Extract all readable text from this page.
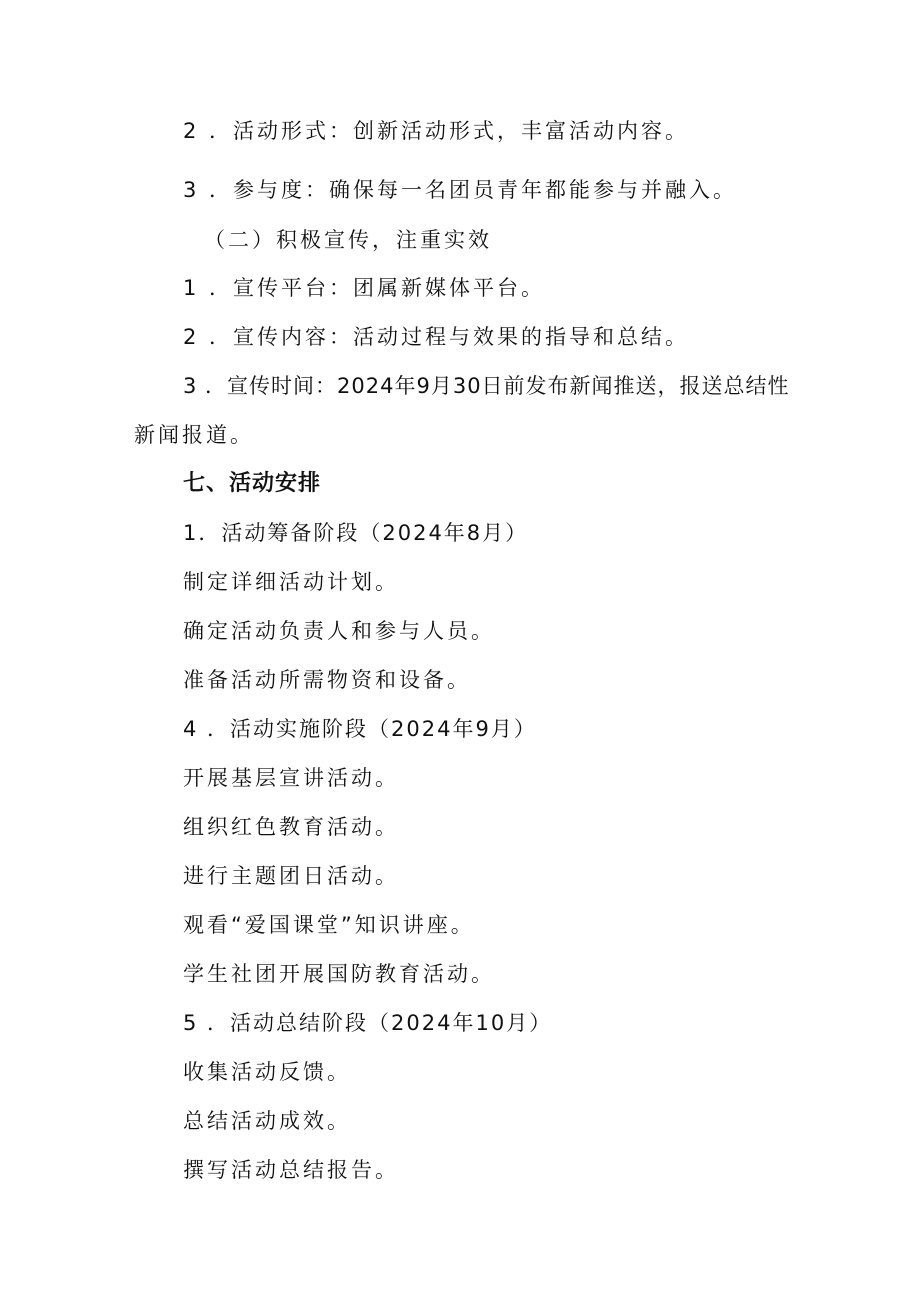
2 ．活动形式：创新活动形式，丰富活动内容。
3 ．参与度：确保每一名团员青年都能参与并融入。
（二）积极宣传，注重实效
1 ．宣传平台：团属新媒体平台。
2 ．宣传内容：活动过程与效果的指导和总结。
3 ．宣传时间：2024年9月30日前发布新闻推送，报送总结性
新闻报道。
七、活动安排
1．活动筹备阶段（2024年8月）
制定详细活动计划。
确定活动负责人和参与人员。
准备活动所需物资和设备。
4 ．活动实施阶段（2024年9月）
开展基层宣讲活动。
组织红色教育活动。
进行主题团日活动。
观看“爱国课堂”知识讲座。
学生社团开展国防教育活动。
5 ．活动总结阶段（2024年10月）
收集活动反馈。
总结活动成效。
撰写活动总结报告。
